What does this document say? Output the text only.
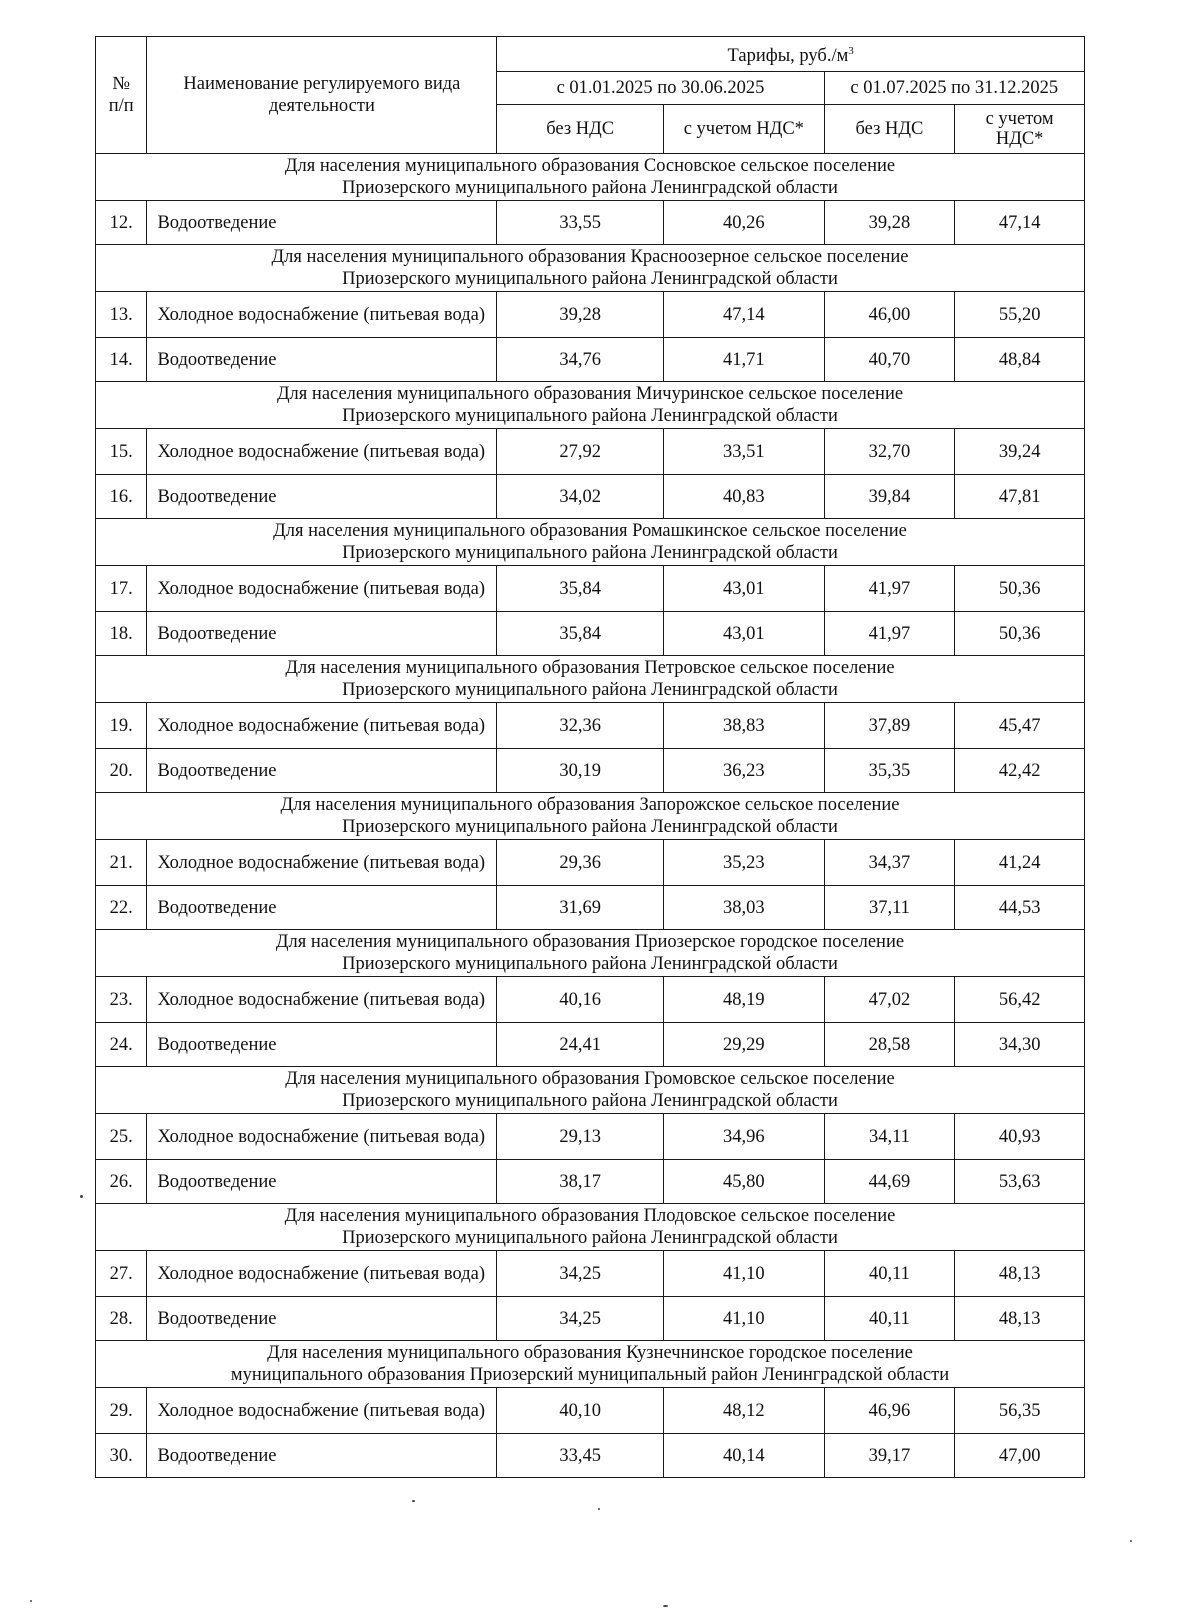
№
п/п	Наименование регулируемого вида деятельности	Тарифы, $руб./м^3$
		с 01.01.2025 по 30.06.2025		с 01.07.2025 по 31.12.2025	
		без НДС	с учетом НДС*	без НДС	с учетом НДС*

Для населения муниципального образования Сосновское сельское поселение
Приозерского муниципального района Ленинградской области					

12.	Водоотведение	33,55	40,26	39,28	47,14

Для населения муниципального образования Красноозерное сельское поселение
Приозерского муниципального района Ленинградской области					

13.	Холодное водоснабжение (питьевая вода)	39,28	47,14	46,00	55,20
14.	Водоотведение	34,76	41,71	40,70	48,84

Для населения муниципального образования Мичуринское сельское поселение
Приозерского муниципального района Ленинградской области					

15.	Холодное водоснабжение (питьевая вода)	27,92	33,51	32,70	39,24
16.	Водоотведение	34,02	40,83	39,84	47,81

Для населения муниципального образования Ромашкинское сельское поселение
Приозерского муниципального района Ленинградской области					

17.	Холодное водоснабжение (питьевая вода)	35,84	43,01	41,97	50,36
18.	Водоотведение	35,84	43,01	41,97	50,36

Для населения муниципального образования Петровское сельское поселение
Приозерского муниципального района Ленинградской области					

19.	Холодное водоснабжение (питьевая вода)	32,36	38,83	37,89	45,47
20.	Водоотведение	30,19	36,23	35,35	42,42

Для населения муниципального образования Запорожское сельское поселение
Приозерского муниципального района Ленинградской области					

21.	Холодное водоснабжение (питьевая вода)	29,36	35,23	34,37	41,24
22.	Водоотведение	31,69	38,03	37,11	44,53

Для населения муниципального образования Приозерское городское поселение
Приозерского муниципального района Ленинградской области					

23.	Холодное водоснабжение (питьевая вода)	40,16	48,19	47,02	56,42
24.	Водоотведение	24,41	29,29	28,58	34,30

Для населения муниципального образования Громовское сельское поселение
Приозерского муниципального района Ленинградской области					

25.	Холодное водоснабжение (питьевая вода)	29,13	34,96	34,11	40,93
26.	Водоотведение	38,17	45,80	44,69	53,63

Для населения муниципального образования Плодовское сельское поселение
Приозерского муниципального района Ленинградской области					

27.	Холодное водоснабжение (питьевая вода)	34,25	41,10	40,11	48,13
28.	Водоотведение	34,25	41,10	40,11	48,13

Для населения муниципального образования Кузнечнинское городское поселение
муниципального образования Приозерский муниципальный район Ленинградской области					

29.	Холодное водоснабжение (питьевая вода)	40,10	48,12	46,96	56,35
30.	Водоотведение	33,45	40,14	39,17	47,00
